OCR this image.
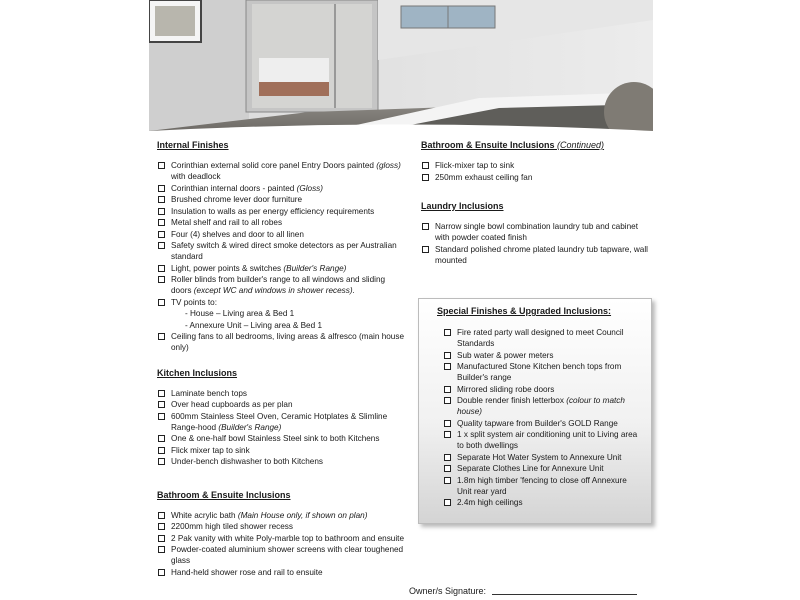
Internal Finishes
Corinthian external solid core panel Entry Doors painted (gloss) with deadlock
Corinthian internal doors - painted (Gloss)
Brushed chrome lever door furniture
Insulation to walls as per energy efficiency requirements
Metal shelf and rail to all robes
Four (4) shelves and door to all linen
Safety switch & wired direct smoke detectors as per Australian standard
Light, power points & switches (Builder's Range)
Roller blinds from builder's range to all windows and sliding doors (except WC and windows in shower recess).
TV points to:
- House – Living area & Bed 1
- Annexure Unit – Living area & Bed 1
Ceiling fans to all bedrooms, living areas & alfresco (main house only)
Kitchen Inclusions
Laminate bench tops
Over head cupboards as per plan
600mm Stainless Steel Oven, Ceramic Hotplates & Slimline Range-hood (Builder's Range)
One & one-half bowl Stainless Steel sink to both Kitchens
Flick mixer tap to sink
Under-bench dishwasher to both Kitchens
Bathroom & Ensuite Inclusions
White acrylic bath (Main House only, if shown on plan)
2200mm high tiled shower recess
2 Pak vanity with white Poly-marble top to bathroom and ensuite
Powder-coated aluminium shower screens with clear toughened glass
Hand-held shower rose and rail to ensuite
Bathroom & Ensuite Inclusions (Continued)
Flick-mixer tap to sink
250mm exhaust ceiling fan
Laundry Inclusions
Narrow single bowl combination laundry tub and cabinet with powder coated finish
Standard polished chrome plated laundry tub tapware, wall mounted
Special Finishes & Upgraded Inclusions:
Fire rated party wall designed to meet Council Standards
Sub water & power meters
Manufactured Stone Kitchen bench tops from Builder's range
Mirrored sliding robe doors
Double render finish letterbox (colour to match house)
Quality tapware from Builder's GOLD Range
1 x split system air conditioning unit to Living area to both dwellings
Separate Hot Water System to Annexure Unit
Separate Clothes Line for Annexure Unit
1.8m high timber 'fencing to close off Annexure Unit rear yard
2.4m high ceilings
Owner/s Signature:
